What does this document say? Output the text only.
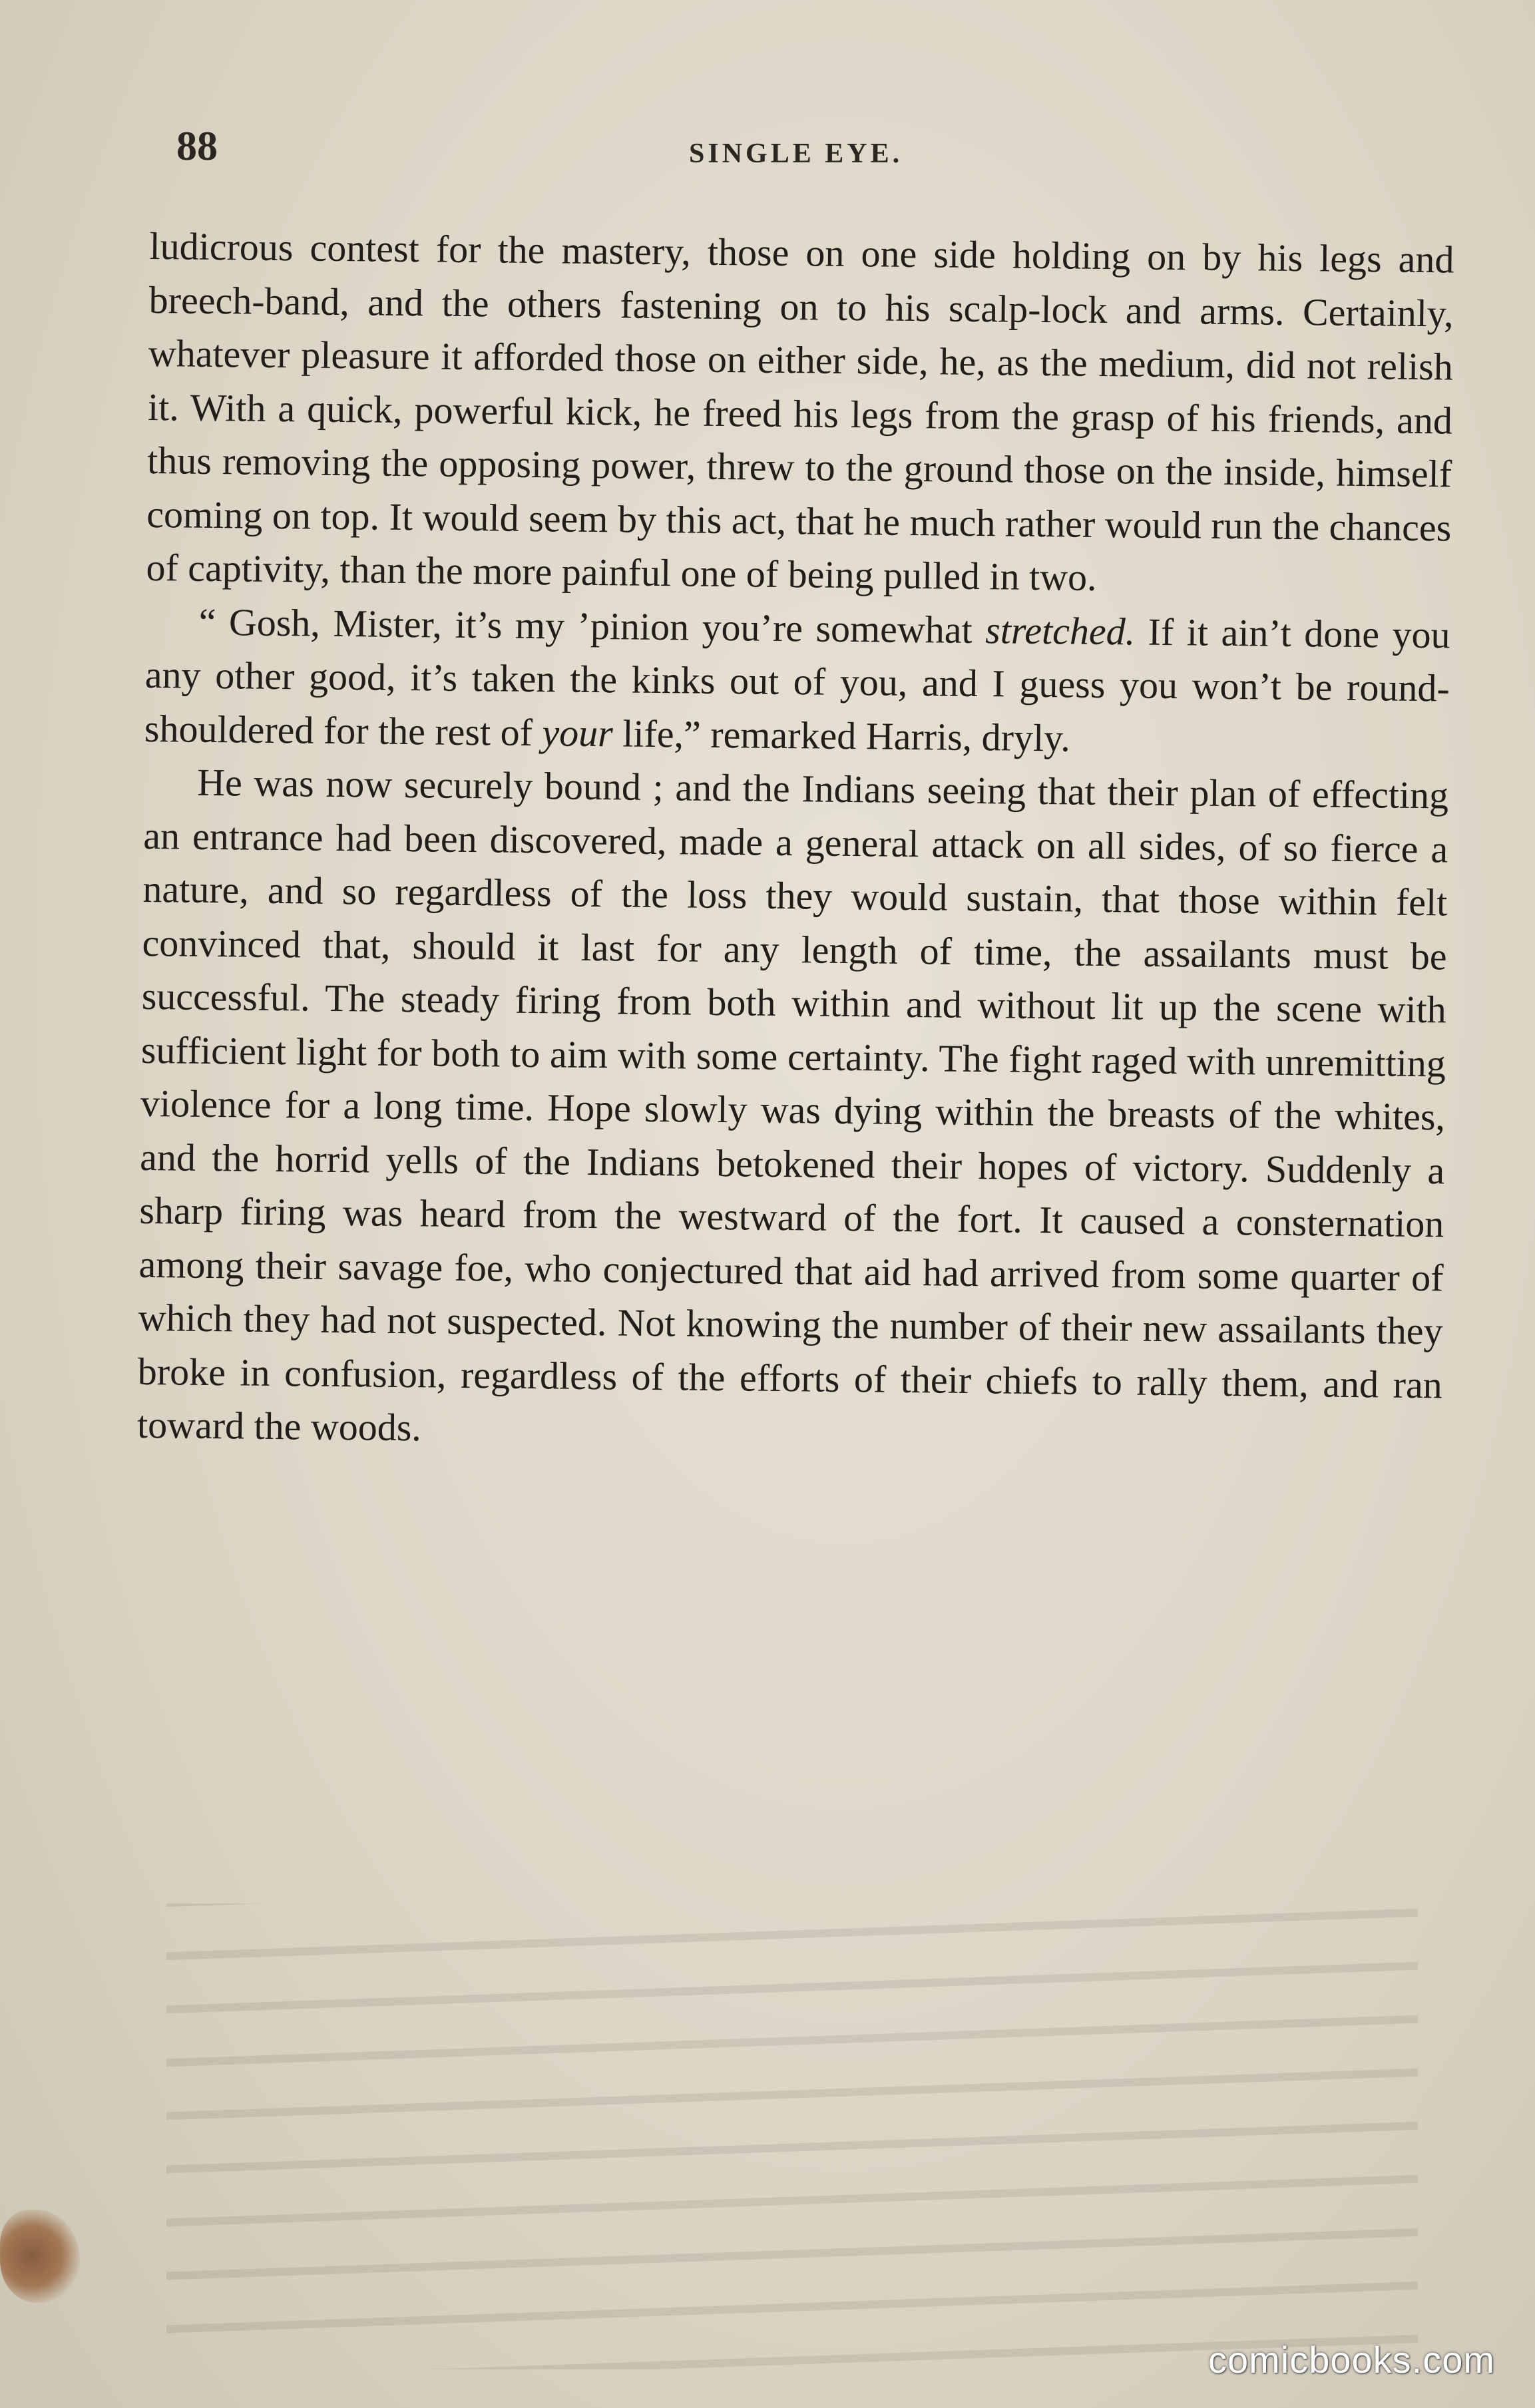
88	SINGLE EYE.

ludicrous contest for the mastery, those on one side holding on by his legs and breech-band, and the others fastening on to his scalp-lock and arms. Certainly, whatever pleasure it afforded those on either side, he, as the medium, did not relish it. With a quick, powerful kick, he freed his legs from the grasp of his friends, and thus removing the opposing power, threw to the ground those on the inside, himself coming on top. It would seem by this act, that he much rather would run the chances of captivity, than the more painful one of being pulled in two.

“ Gosh, Mister, it’s my ’pinion you’re somewhat stretched. If it ain’t done you any other good, it’s taken the kinks out of you, and I guess you won’t be round-shouldered for the rest of your life,” remarked Harris, dryly.

He was now securely bound ; and the Indians seeing that their plan of effecting an entrance had been discovered, made a general attack on all sides, of so fierce a nature, and so regardless of the loss they would sustain, that those within felt convinced that, should it last for any length of time, the assailants must be successful. The steady firing from both within and without lit up the scene with sufficient light for both to aim with some certainty. The fight raged with unremitting violence for a long time. Hope slowly was dying within the breasts of the whites, and the horrid yells of the Indians betokened their hopes of victory. Suddenly a sharp firing was heard from the westward of the fort. It caused a consternation among their savage foe, who conjectured that aid had arrived from some quarter of which they had not suspected. Not knowing the number of their new assailants they broke in confusion, regardless of the efforts of their chiefs to rally them, and ran toward the woods.

comicbooks.com
